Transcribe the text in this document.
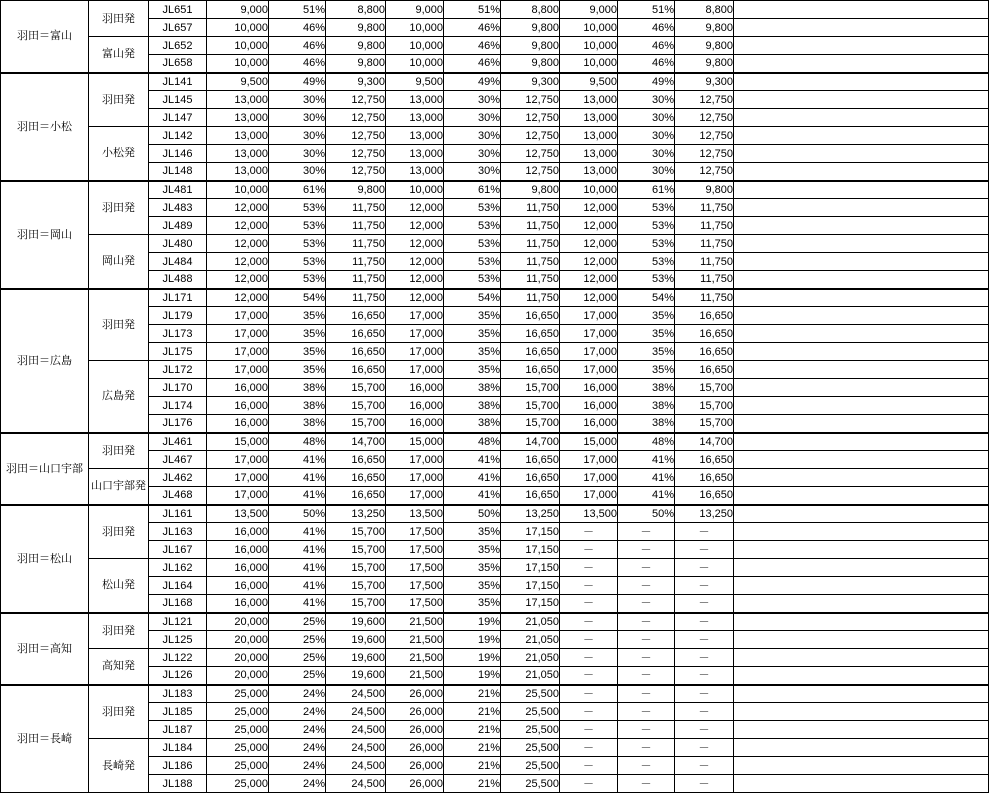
羽田＝富山	羽田発	JL651	9,000	51%	8,800	9,000	51%	8,800	9,000	51%	8,800	
		JL657	10,000	46%	9,800	10,000	46%	9,800	10,000	46%	9,800	
	富山発	JL652	10,000	46%	9,800	10,000	46%	9,800	10,000	46%	9,800	
		JL658	10,000	46%	9,800	10,000	46%	9,800	10,000	46%	9,800	
羽田＝小松	羽田発	JL141	9,500	49%	9,300	9,500	49%	9,300	9,500	49%	9,300	
		JL145	13,000	30%	12,750	13,000	30%	12,750	13,000	30%	12,750	
		JL147	13,000	30%	12,750	13,000	30%	12,750	13,000	30%	12,750	
	小松発	JL142	13,000	30%	12,750	13,000	30%	12,750	13,000	30%	12,750	
		JL146	13,000	30%	12,750	13,000	30%	12,750	13,000	30%	12,750	
		JL148	13,000	30%	12,750	13,000	30%	12,750	13,000	30%	12,750	
羽田＝岡山	羽田発	JL481	10,000	61%	9,800	10,000	61%	9,800	10,000	61%	9,800	
		JL483	12,000	53%	11,750	12,000	53%	11,750	12,000	53%	11,750	
		JL489	12,000	53%	11,750	12,000	53%	11,750	12,000	53%	11,750	
	岡山発	JL480	12,000	53%	11,750	12,000	53%	11,750	12,000	53%	11,750	
		JL484	12,000	53%	11,750	12,000	53%	11,750	12,000	53%	11,750	
		JL488	12,000	53%	11,750	12,000	53%	11,750	12,000	53%	11,750	
羽田＝広島	羽田発	JL171	12,000	54%	11,750	12,000	54%	11,750	12,000	54%	11,750	
		JL179	17,000	35%	16,650	17,000	35%	16,650	17,000	35%	16,650	
		JL173	17,000	35%	16,650	17,000	35%	16,650	17,000	35%	16,650	
		JL175	17,000	35%	16,650	17,000	35%	16,650	17,000	35%	16,650	
	広島発	JL172	17,000	35%	16,650	17,000	35%	16,650	17,000	35%	16,650	
		JL170	16,000	38%	15,700	16,000	38%	15,700	16,000	38%	15,700	
		JL174	16,000	38%	15,700	16,000	38%	15,700	16,000	38%	15,700	
		JL176	16,000	38%	15,700	16,000	38%	15,700	16,000	38%	15,700	
羽田＝山口宇部	羽田発	JL461	15,000	48%	14,700	15,000	48%	14,700	15,000	48%	14,700	
		JL467	17,000	41%	16,650	17,000	41%	16,650	17,000	41%	16,650	
	山口宇部発	JL462	17,000	41%	16,650	17,000	41%	16,650	17,000	41%	16,650	
		JL468	17,000	41%	16,650	17,000	41%	16,650	17,000	41%	16,650	
羽田＝松山	羽田発	JL161	13,500	50%	13,250	13,500	50%	13,250	13,500	50%	13,250	
		JL163	16,000	41%	15,700	17,500	35%	17,150	－	－	－	
		JL167	16,000	41%	15,700	17,500	35%	17,150	－	－	－	
	松山発	JL162	16,000	41%	15,700	17,500	35%	17,150	－	－	－	
		JL164	16,000	41%	15,700	17,500	35%	17,150	－	－	－	
		JL168	16,000	41%	15,700	17,500	35%	17,150	－	－	－	
羽田＝高知	羽田発	JL121	20,000	25%	19,600	21,500	19%	21,050	－	－	－	
		JL125	20,000	25%	19,600	21,500	19%	21,050	－	－	－	
	高知発	JL122	20,000	25%	19,600	21,500	19%	21,050	－	－	－	
		JL126	20,000	25%	19,600	21,500	19%	21,050	－	－	－	
羽田＝長崎	羽田発	JL183	25,000	24%	24,500	26,000	21%	25,500	－	－	－	
		JL185	25,000	24%	24,500	26,000	21%	25,500	－	－	－	
		JL187	25,000	24%	24,500	26,000	21%	25,500	－	－	－	
	長崎発	JL184	25,000	24%	24,500	26,000	21%	25,500	－	－	－	
		JL186	25,000	24%	24,500	26,000	21%	25,500	－	－	－	
		JL188	25,000	24%	24,500	26,000	21%	25,500	－	－	－	
